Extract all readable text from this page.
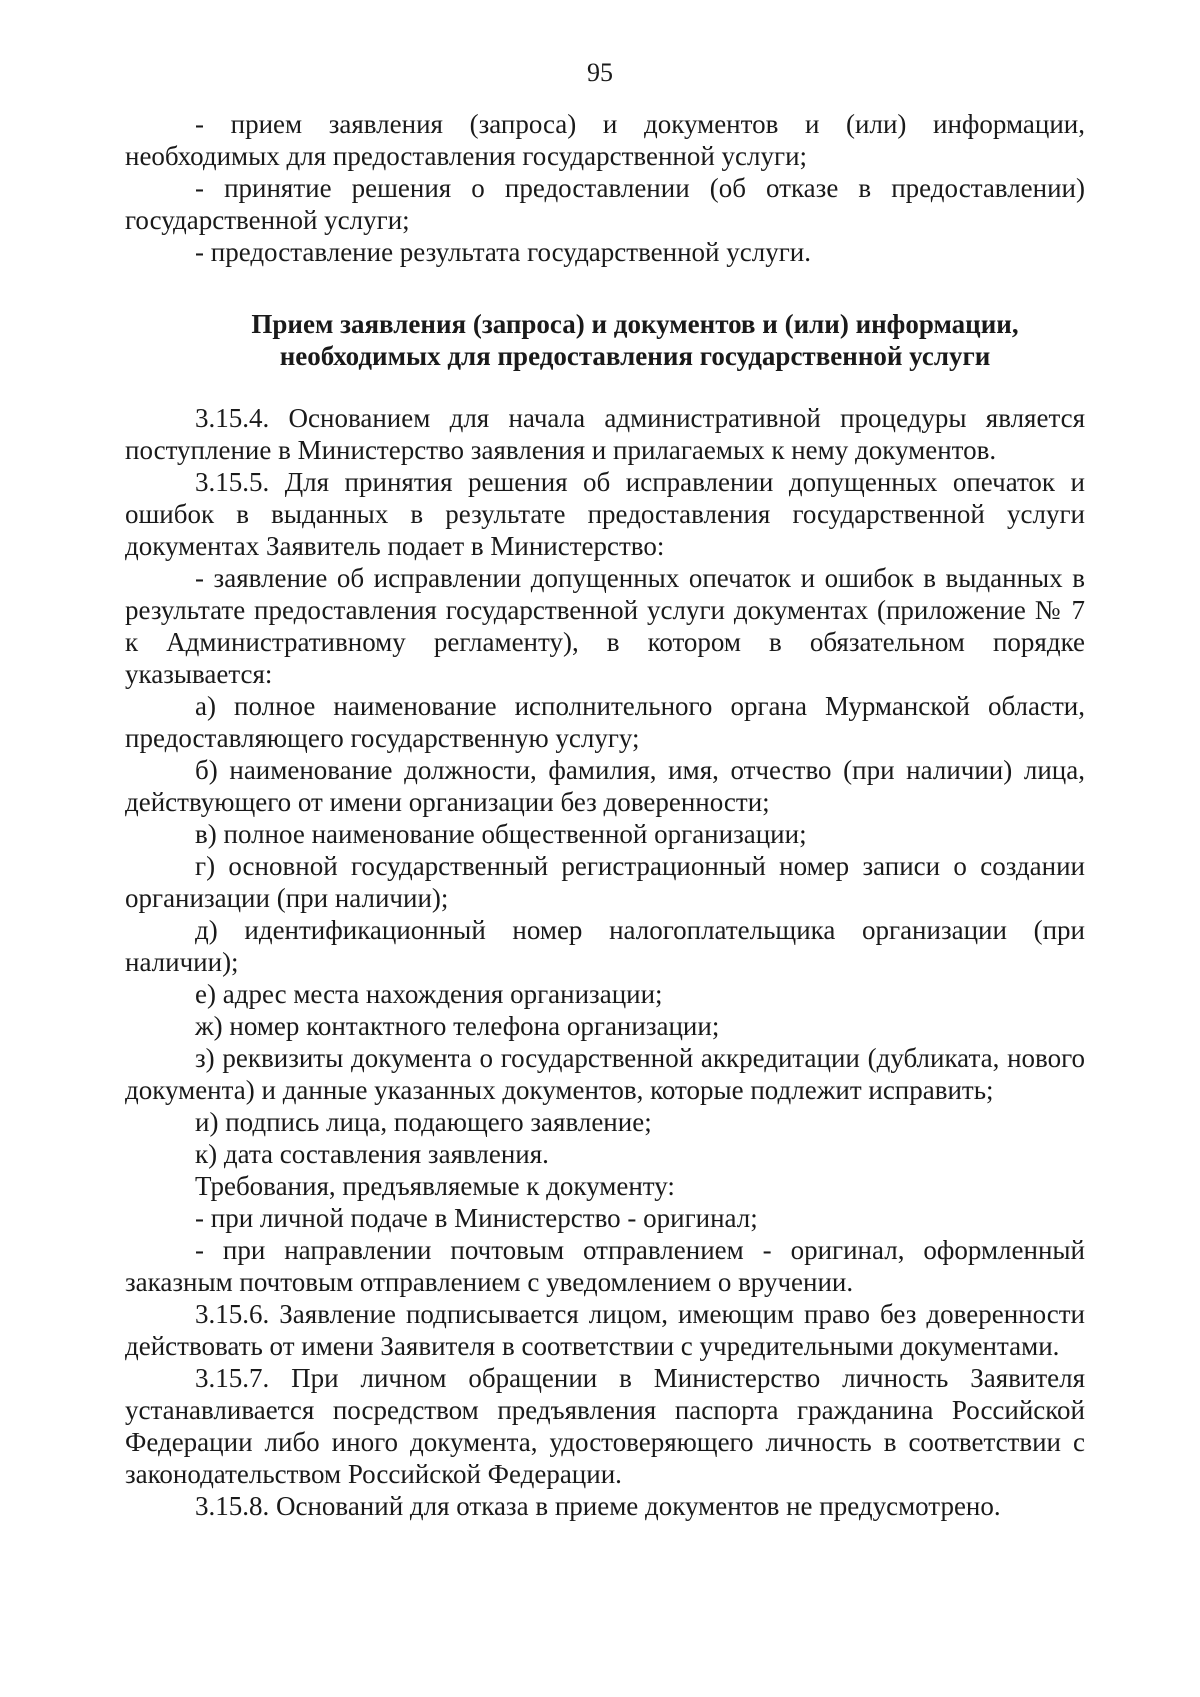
95

- прием заявления (запроса) и документов и (или) информации, необходимых для предоставления государственной услуги;

- принятие решения о предоставлении (об отказе в предоставлении) государственной услуги;

- предоставление результата государственной услуги.

Прием заявления (запроса) и документов и (или) информации,
необходимых для предоставления государственной услуги

3.15.4. Основанием для начала административной процедуры является поступление в Министерство заявления и прилагаемых к нему документов.

3.15.5. Для принятия решения об исправлении допущенных опечаток и ошибок в выданных в результате предоставления государственной услуги документах Заявитель подает в Министерство:

- заявление об исправлении допущенных опечаток и ошибок в выданных в результате предоставления государственной услуги документах (приложение № 7 к Административному регламенту), в котором в обязательном порядке указывается:

а) полное наименование исполнительного органа Мурманской области, предоставляющего государственную услугу;

б) наименование должности, фамилия, имя, отчество (при наличии) лица, действующего от имени организации без доверенности;

в) полное наименование общественной организации;

г) основной государственный регистрационный номер записи о создании организации (при наличии);

д) идентификационный номер налогоплательщика организации (при наличии);

е) адрес места нахождения организации;

ж) номер контактного телефона организации;

з) реквизиты документа о государственной аккредитации (дубликата, нового документа) и данные указанных документов, которые подлежит исправить;

и) подпись лица, подающего заявление;

к) дата составления заявления.

Требования, предъявляемые к документу:

- при личной подаче в Министерство - оригинал;

- при направлении почтовым отправлением - оригинал, оформленный заказным почтовым отправлением с уведомлением о вручении.

3.15.6. Заявление подписывается лицом, имеющим право без доверенности действовать от имени Заявителя в соответствии с учредительными документами.

3.15.7. При личном обращении в Министерство личность Заявителя устанавливается посредством предъявления паспорта гражданина Российской Федерации либо иного документа, удостоверяющего личность в соответствии с законодательством Российской Федерации.

3.15.8. Оснований для отказа в приеме документов не предусмотрено.
